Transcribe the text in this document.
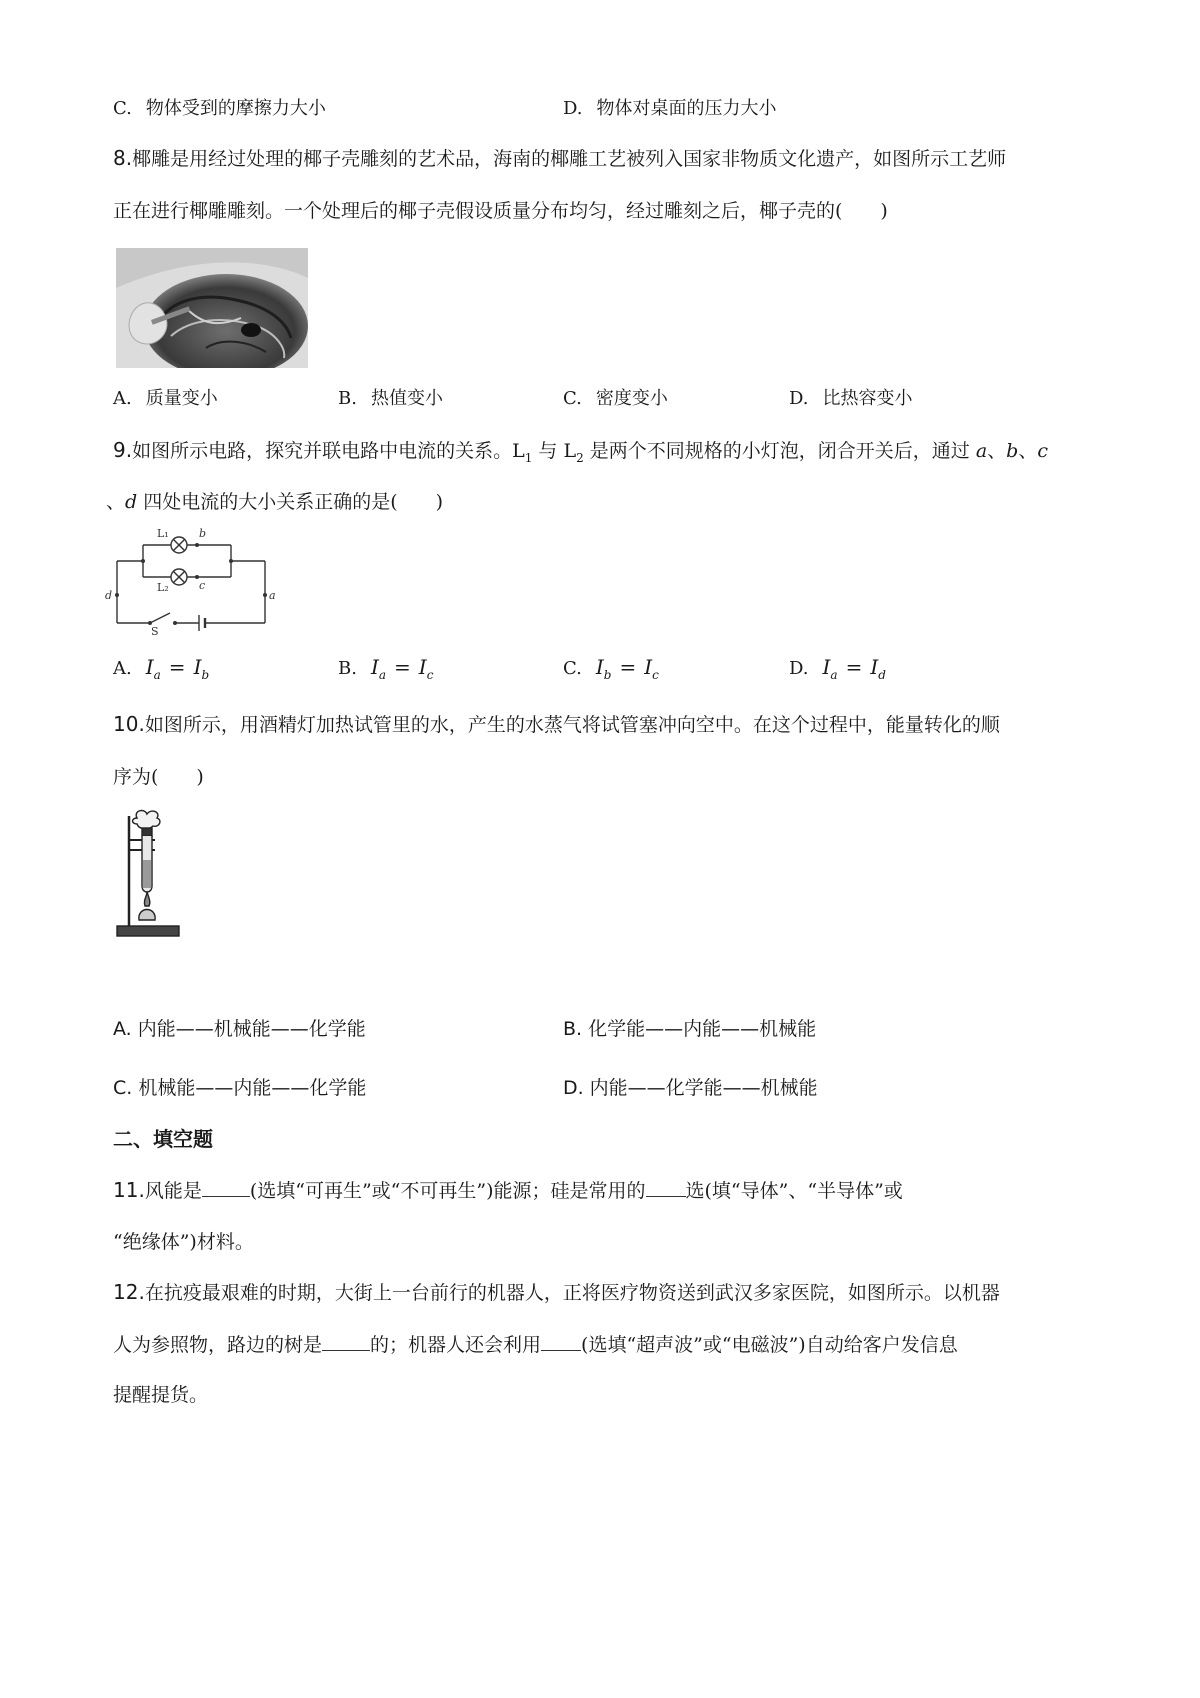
C. 物体受到的摩擦力大小	D. 物体对桌面的压力大小
8.椰雕是用经过处理的椰子壳雕刻的艺术品，海南的椰雕工艺被列入国家非物质文化遗产，如图所示工艺师
正在进行椰雕雕刻。一个处理后的椰子壳假设质量分布均匀，经过雕刻之后，椰子壳的(　　)
A. 质量变小	B. 热值变小	C. 密度变小	D. 比热容变小
9.如图所示电路，探究并联电路中电流的关系。$L_1$ 与 $L_2$ 是两个不同规格的小灯泡，闭合开关后，通过 a、b、c
、d 四处电流的大小关系正确的是(　　)
L₁
L₂
b
c
d	a
S
A. $I_a = I_b$	B. $I_a = I_c$	C. $I_b = I_c$	D. $I_a = I_d$
10.如图所示，用酒精灯加热试管里的水，产生的水蒸气将试管塞冲向空中。在这个过程中，能量转化的顺
序为(　　)
A. 内能——机械能——化学能	B. 化学能——内能——机械能
C. 机械能——内能——化学能	D. 内能——化学能——机械能
二、填空题
11.风能是	(选填“可再生”或“不可再生”)能源；硅是常用的 选(填“导体”、“半导体”或
“绝缘体”)材料。
12.在抗疫最艰难的时期，大街上一台前行的机器人，正将医疗物资送到武汉多家医院，如图所示。以机器
人为参照物，路边的树是	的；机器人还会利用 (选填“超声波”或“电磁波”)自动给客户发信息
提醒提货。
